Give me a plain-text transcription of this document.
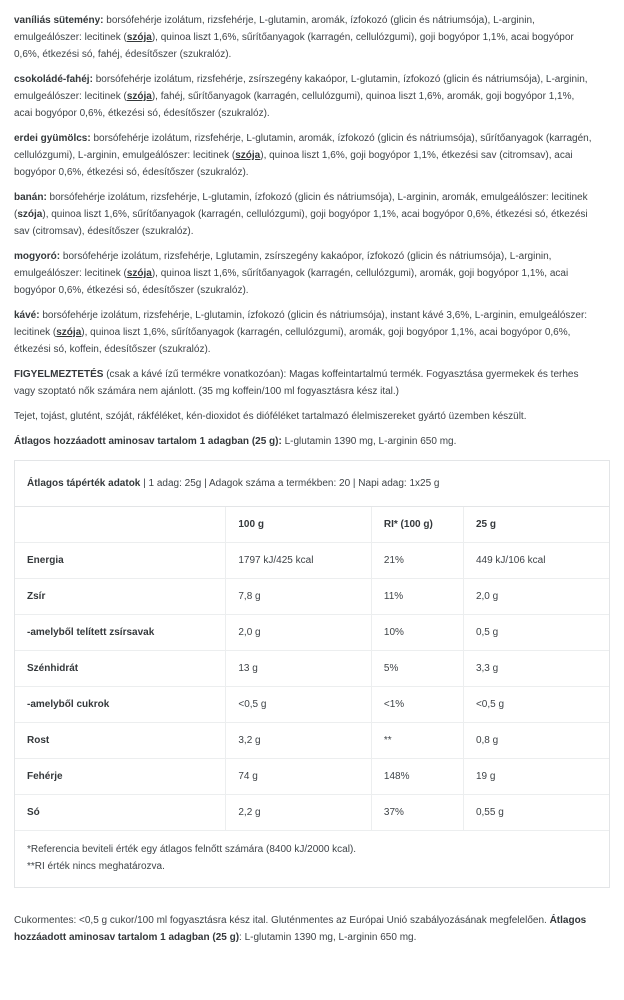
vaníliás sütemény: borsófehérje izolátum, rizsfehérje, L-glutamin, aromák, ízfokozó (glicin és nátriumsója), L-arginin, emulgeálószer: lecitinek (szója), quinoa liszt 1,6%, sűrítőanyagok (karragén, cellulózgumi), goji bogyópor 1,1%, acai bogyópor 0,6%, étkezési só, fahéj, édesítőszer (szukralóz).

csokoládé-fahéj: borsófehérje izolátum, rizsfehérje, zsírszegény kakaópor, L-glutamin, ízfokozó (glicin és nátriumsója), L-arginin, emulgeálószer: lecitinek (szója), fahéj, sűrítőanyagok (karragén, cellulózgumi), quinoa liszt 1,6%, aromák, goji bogyópor 1,1%, acai bogyópor 0,6%, étkezési só, édesítőszer (szukralóz).

erdei gyümölcs: borsófehérje izolátum, rizsfehérje, L-glutamin, aromák, ízfokozó (glicin és nátriumsója), sűrítőanyagok (karragén, cellulózgumi), L-arginin, emulgeálószer: lecitinek (szója), quinoa liszt 1,6%, goji bogyópor 1,1%, étkezési sav (citromsav), acai bogyópor 0,6%, étkezési só, édesítőszer (szukralóz).

banán: borsófehérje izolátum, rizsfehérje, L-glutamin, ízfokozó (glicin és nátriumsója), L-arginin, aromák, emulgeálószer: lecitinek (szója), quinoa liszt 1,6%, sűrítőanyagok (karragén, cellulózgumi), goji bogyópor 1,1%, acai bogyópor 0,6%, étkezési só, étkezési sav (citromsav), édesítőszer (szukralóz).

mogyoró: borsófehérje izolátum, rizsfehérje, Lglutamin, zsírszegény kakaópor, ízfokozó (glicin és nátriumsója), L-arginin, emulgeálószer: lecitinek (szója), quinoa liszt 1,6%, sűrítőanyagok (karragén, cellulózgumi), aromák, goji bogyópor 1,1%, acai bogyópor 0,6%, étkezési só, édesítőszer (szukralóz).

kávé: borsófehérje izolátum, rizsfehérje, L-glutamin, ízfokozó (glicin és nátriumsója), instant kávé 3,6%, L-arginin, emulgeálószer: lecitinek (szója), quinoa liszt 1,6%, sűrítőanyagok (karragén, cellulózgumi), aromák, goji bogyópor 1,1%, acai bogyópor 0,6%, étkezési só, koffein, édesítőszer (szukralóz).

FIGYELMEZTETÉS (csak a kávé ízű termékre vonatkozóan): Magas koffeintartalmú termék. Fogyasztása gyermekek és terhes vagy szoptató nők számára nem ajánlott. (35 mg koffein/100 ml fogyasztásra kész ital.)

Tejet, tojást, glutént, szóját, rákféléket, kén-dioxidot és dióféléket tartalmazó élelmiszereket gyártó üzemben készült.

Átlagos hozzáadott aminosav tartalom 1 adagban (25 g): L-glutamin 1390 mg, L-arginin 650 mg.

Átlagos tápérték adatok | 1 adag: 25g | Adagok száma a termékben: 20 | Napi adag: 1x25 g
	100 g	RI* (100 g)	25 g
Energia	1797 kJ/425 kcal	21%	449 kJ/106 kcal
Zsír	7,8 g	11%	2,0 g
-amelyből telített zsírsavak	2,0 g	10%	0,5 g
Szénhidrát	13 g	5%	3,3 g
-amelyből cukrok	<0,5 g	<1%	<0,5 g
Rost	3,2 g	**	0,8 g
Fehérje	74 g	148%	19 g
Só	2,2 g	37%	0,55 g
*Referencia beviteli érték egy átlagos felnőtt számára (8400 kJ/2000 kcal).
**RI érték nincs meghatározva.

Cukormentes: <0,5 g cukor/100 ml fogyasztásra kész ital. Gluténmentes az Európai Unió szabályozásának megfelelően. Átlagos hozzáadott aminosav tartalom 1 adagban (25 g): L-glutamin 1390 mg, L-arginin 650 mg.
